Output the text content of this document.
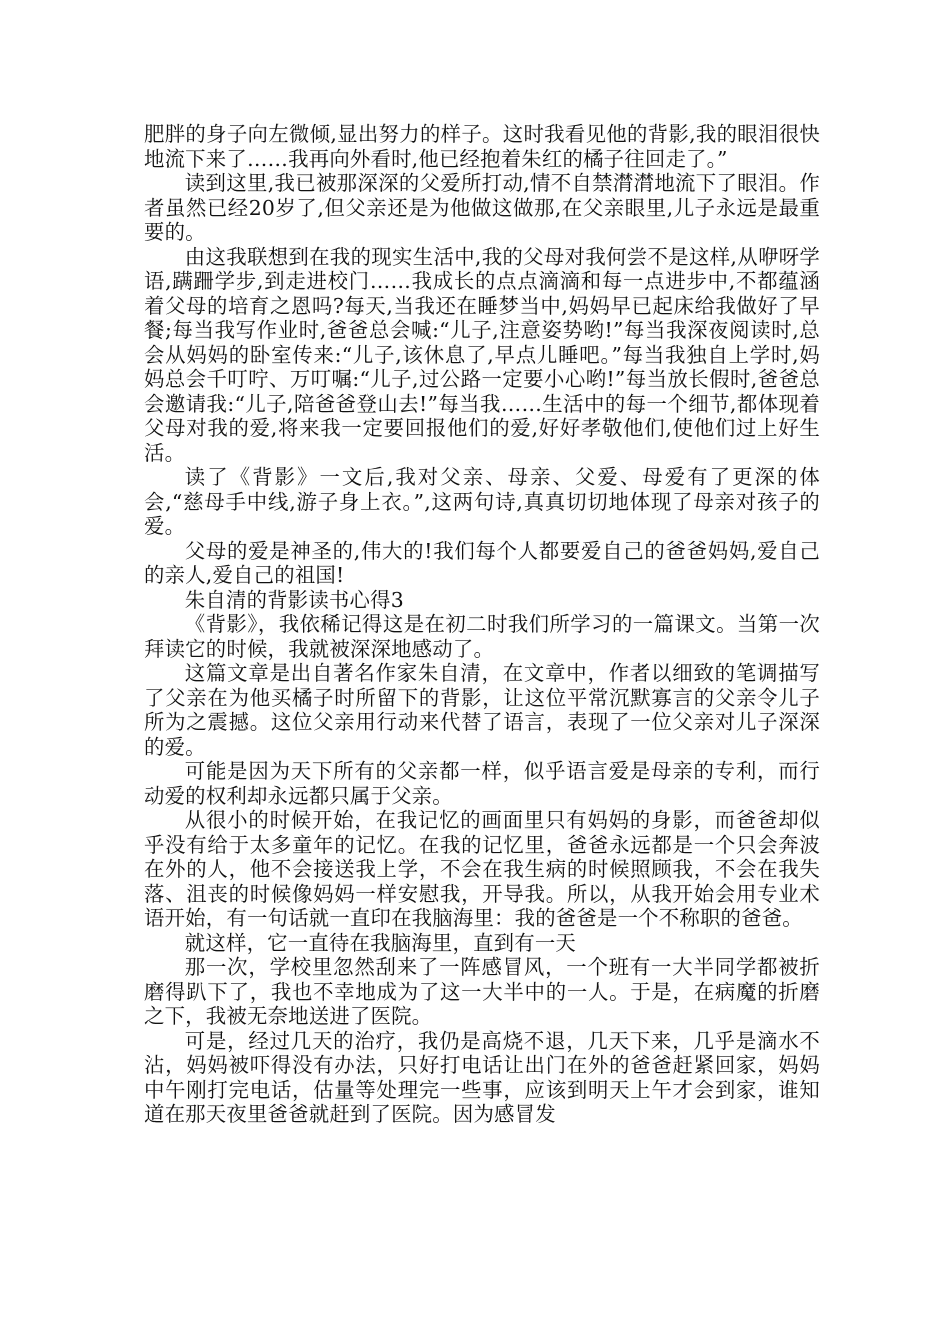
肥胖的身子向左微倾,显出努力的样子。这时我看见他的背影,我的眼泪很快地流下来了……我再向外看时,他已经抱着朱红的橘子往回走了。”

读到这里,我已被那深深的父爱所打动,情不自禁潸潸地流下了眼泪。作者虽然已经20岁了,但父亲还是为他做这做那,在父亲眼里,儿子永远是最重要的。

由这我联想到在我的现实生活中,我的父母对我何尝不是这样,从咿呀学语,蹒跚学步,到走进校门……我成长的点点滴滴和每一点进步中,不都蕴涵着父母的培育之恩吗?每天,当我还在睡梦当中,妈妈早已起床给我做好了早餐;每当我写作业时,爸爸总会喊:“儿子,注意姿势哟!”每当我深夜阅读时,总会从妈妈的卧室传来:“儿子,该休息了,早点儿睡吧。”每当我独自上学时,妈妈总会千叮咛、万叮嘱:“儿子,过公路一定要小心哟!”每当放长假时,爸爸总会邀请我:“儿子,陪爸爸登山去!”每当我……生活中的每一个细节,都体现着父母对我的爱,将来我一定要回报他们的爱,好好孝敬他们,使他们过上好生活。

读了《背影》一文后,我对父亲、母亲、父爱、母爱有了更深的体会,“慈母手中线,游子身上衣。”,这两句诗,真真切切地体现了母亲对孩子的爱。

父母的爱是神圣的,伟大的!我们每个人都要爱自己的爸爸妈妈,爱自己的亲人,爱自己的祖国!

朱自清的背影读书心得3

《背影》，我依稀记得这是在初二时我们所学习的一篇课文。当第一次拜读它的时候，我就被深深地感动了。

这篇文章是出自著名作家朱自清，在文章中，作者以细致的笔调描写了父亲在为他买橘子时所留下的背影，让这位平常沉默寡言的父亲令儿子所为之震撼。这位父亲用行动来代替了语言，表现了一位父亲对儿子深深的爱。

可能是因为天下所有的父亲都一样，似乎语言爱是母亲的专利，而行动爱的权利却永远都只属于父亲。

从很小的时候开始，在我记忆的画面里只有妈妈的身影，而爸爸却似乎没有给于太多童年的记忆。在我的记忆里，爸爸永远都是一个只会奔波在外的人，他不会接送我上学，不会在我生病的时候照顾我，不会在我失落、沮丧的时候像妈妈一样安慰我，开导我。所以，从我开始会用专业术语开始，有一句话就一直印在我脑海里：我的爸爸是一个不称职的爸爸。

就这样，它一直待在我脑海里，直到有一天

那一次，学校里忽然刮来了一阵感冒风，一个班有一大半同学都被折磨得趴下了，我也不幸地成为了这一大半中的一人。于是，在病魔的折磨之下，我被无奈地送进了医院。

可是，经过几天的治疗，我仍是高烧不退，几天下来，几乎是滴水不沾，妈妈被吓得没有办法，只好打电话让出门在外的爸爸赶紧回家，妈妈中午刚打完电话，估量等处理完一些事，应该到明天上午才会到家，谁知道在那天夜里爸爸就赶到了医院。因为感冒发
